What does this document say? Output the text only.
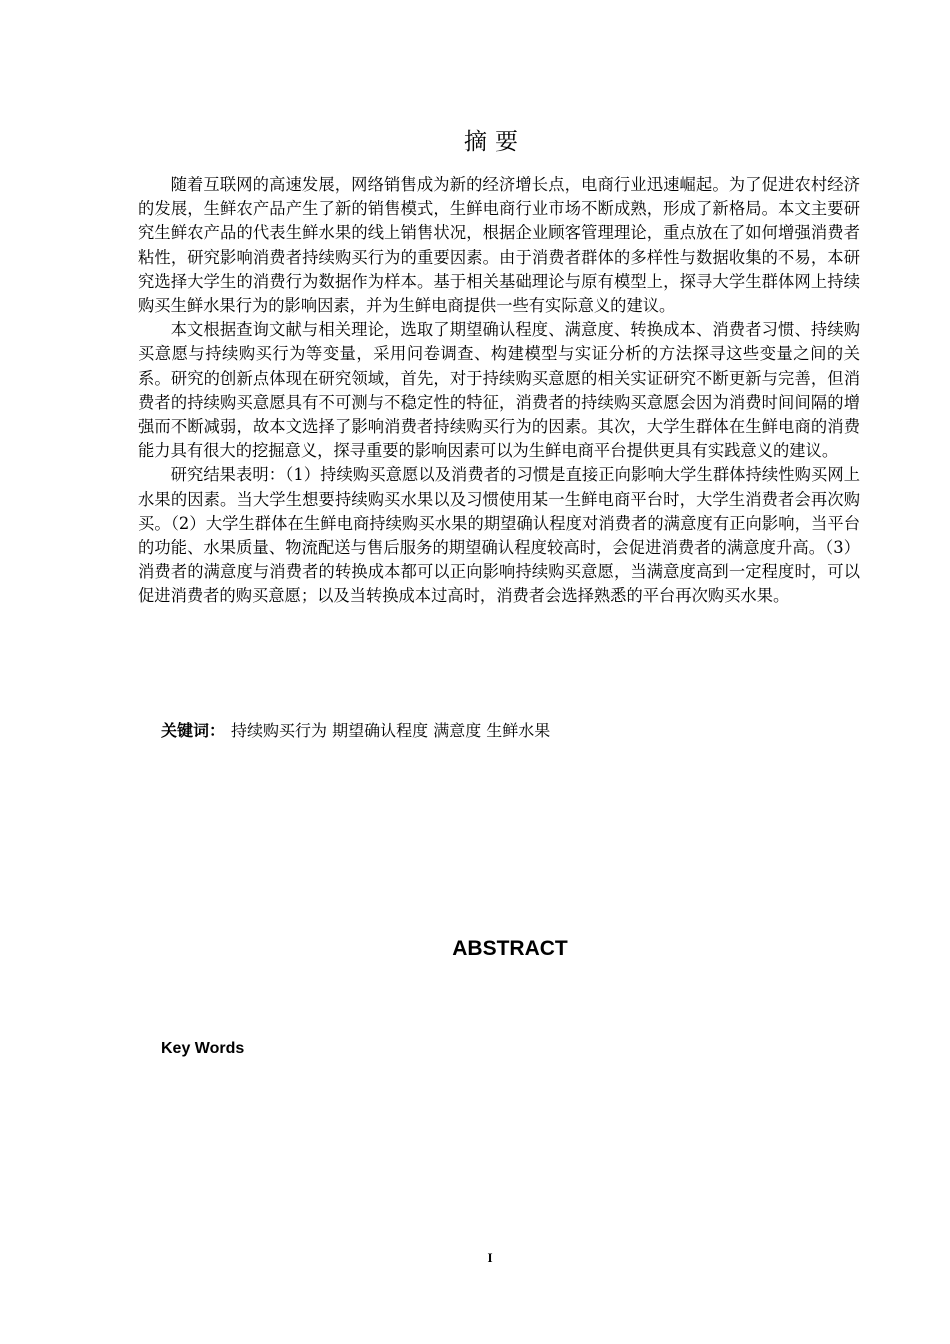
摘要

随着互联网的高速发展，网络销售成为新的经济增长点，电商行业迅速崛起。为了促进农村经济的发展，生鲜农产品产生了新的销售模式，生鲜电商行业市场不断成熟，形成了新格局。本文主要研究生鲜农产品的代表生鲜水果的线上销售状况，根据企业顾客管理理论，重点放在了如何增强消费者粘性，研究影响消费者持续购买行为的重要因素。由于消费者群体的多样性与数据收集的不易，本研究选择大学生的消费行为数据作为样本。基于相关基础理论与原有模型上，探寻大学生群体网上持续购买生鲜水果行为的影响因素，并为生鲜电商提供一些有实际意义的建议。

本文根据查询文献与相关理论，选取了期望确认程度、满意度、转换成本、消费者习惯、持续购买意愿与持续购买行为等变量，采用问卷调查、构建模型与实证分析的方法探寻这些变量之间的关系。研究的创新点体现在研究领域，首先，对于持续购买意愿的相关实证研究不断更新与完善，但消费者的持续购买意愿具有不可测与不稳定性的特征，消费者的持续购买意愿会因为消费时间间隔的增强而不断减弱，故本文选择了影响消费者持续购买行为的因素。其次，大学生群体在生鲜电商的消费能力具有很大的挖掘意义，探寻重要的影响因素可以为生鲜电商平台提供更具有实践意义的建议。

研究结果表明：（1）持续购买意愿以及消费者的习惯是直接正向影响大学生群体持续性购买网上水果的因素。当大学生想要持续购买水果以及习惯使用某一生鲜电商平台时，大学生消费者会再次购买。（2）大学生群体在生鲜电商持续购买水果的期望确认程度对消费者的满意度有正向影响，当平台的功能、水果质量、物流配送与售后服务的期望确认程度较高时，会促进消费者的满意度升高。（3）消费者的满意度与消费者的转换成本都可以正向影响持续购买意愿，当满意度高到一定程度时，可以促进消费者的购买意愿；以及当转换成本过高时，消费者会选择熟悉的平台再次购买水果。

关键词： 持续购买行为 期望确认程度 满意度 生鲜水果
ABSTRACT
Key Words
I
